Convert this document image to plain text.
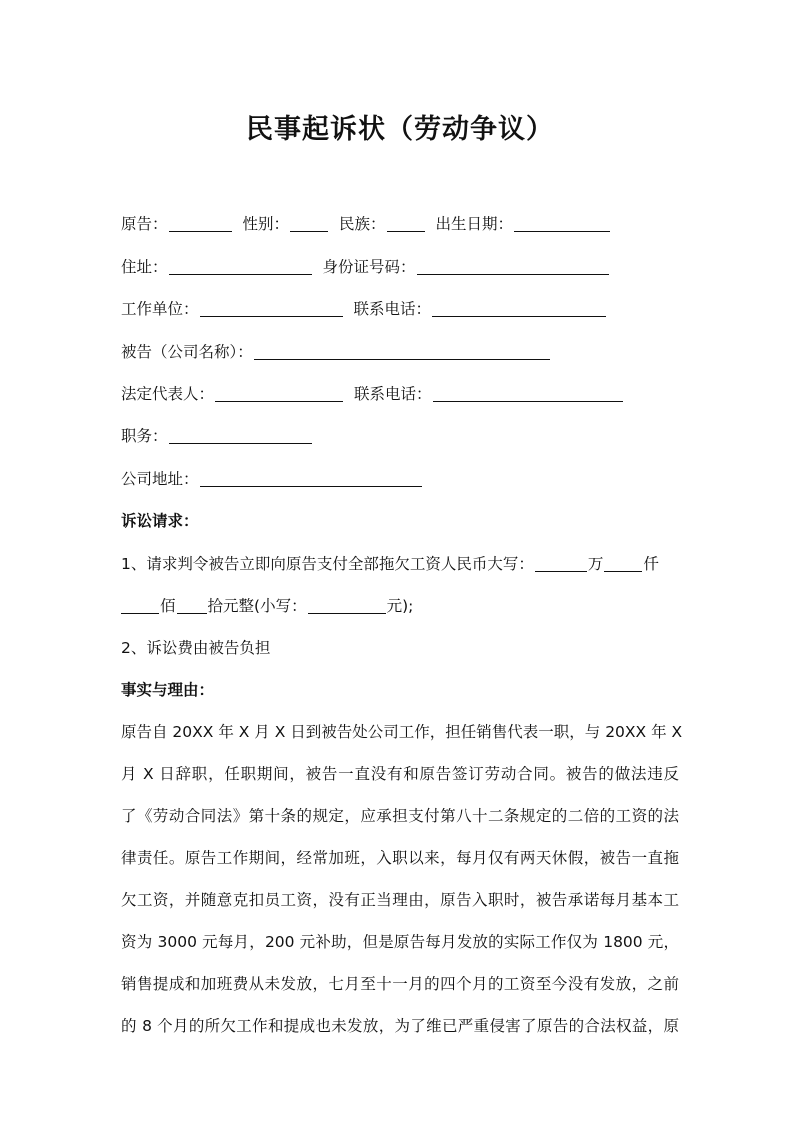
民事起诉状（劳动争议）
原告：	性别：	民族：	出生日期：
住址：	身份证号码：
工作单位：	联系电话：
被告（公司名称）：
法定代表人：	联系电话：
职务：
公司地址：
诉讼请求：
1、请求判令被告立即向原告支付全部拖欠工资人民币大写：	万	仟
佰 拾元整(小写：	元);
2、诉讼费由被告负担
事实与理由：
原告自 20XX 年 X 月 X 日到被告处公司工作，担任销售代表一职，与 20XX 年 X
月 X 日辞职，任职期间，被告一直没有和原告签订劳动合同。被告的做法违反
了《劳动合同法》第十条的规定，应承担支付第八十二条规定的二倍的工资的法
律责任。原告工作期间，经常加班，入职以来，每月仅有两天休假，被告一直拖
欠工资，并随意克扣员工资，没有正当理由，原告入职时，被告承诺每月基本工
资为 3000 元每月，200 元补助，但是原告每月发放的实际工作仅为 1800 元，
销售提成和加班费从未发放，七月至十一月的四个月的工资至今没有发放，之前
的 8 个月的所欠工作和提成也未发放，为了维已严重侵害了原告的合法权益，原
